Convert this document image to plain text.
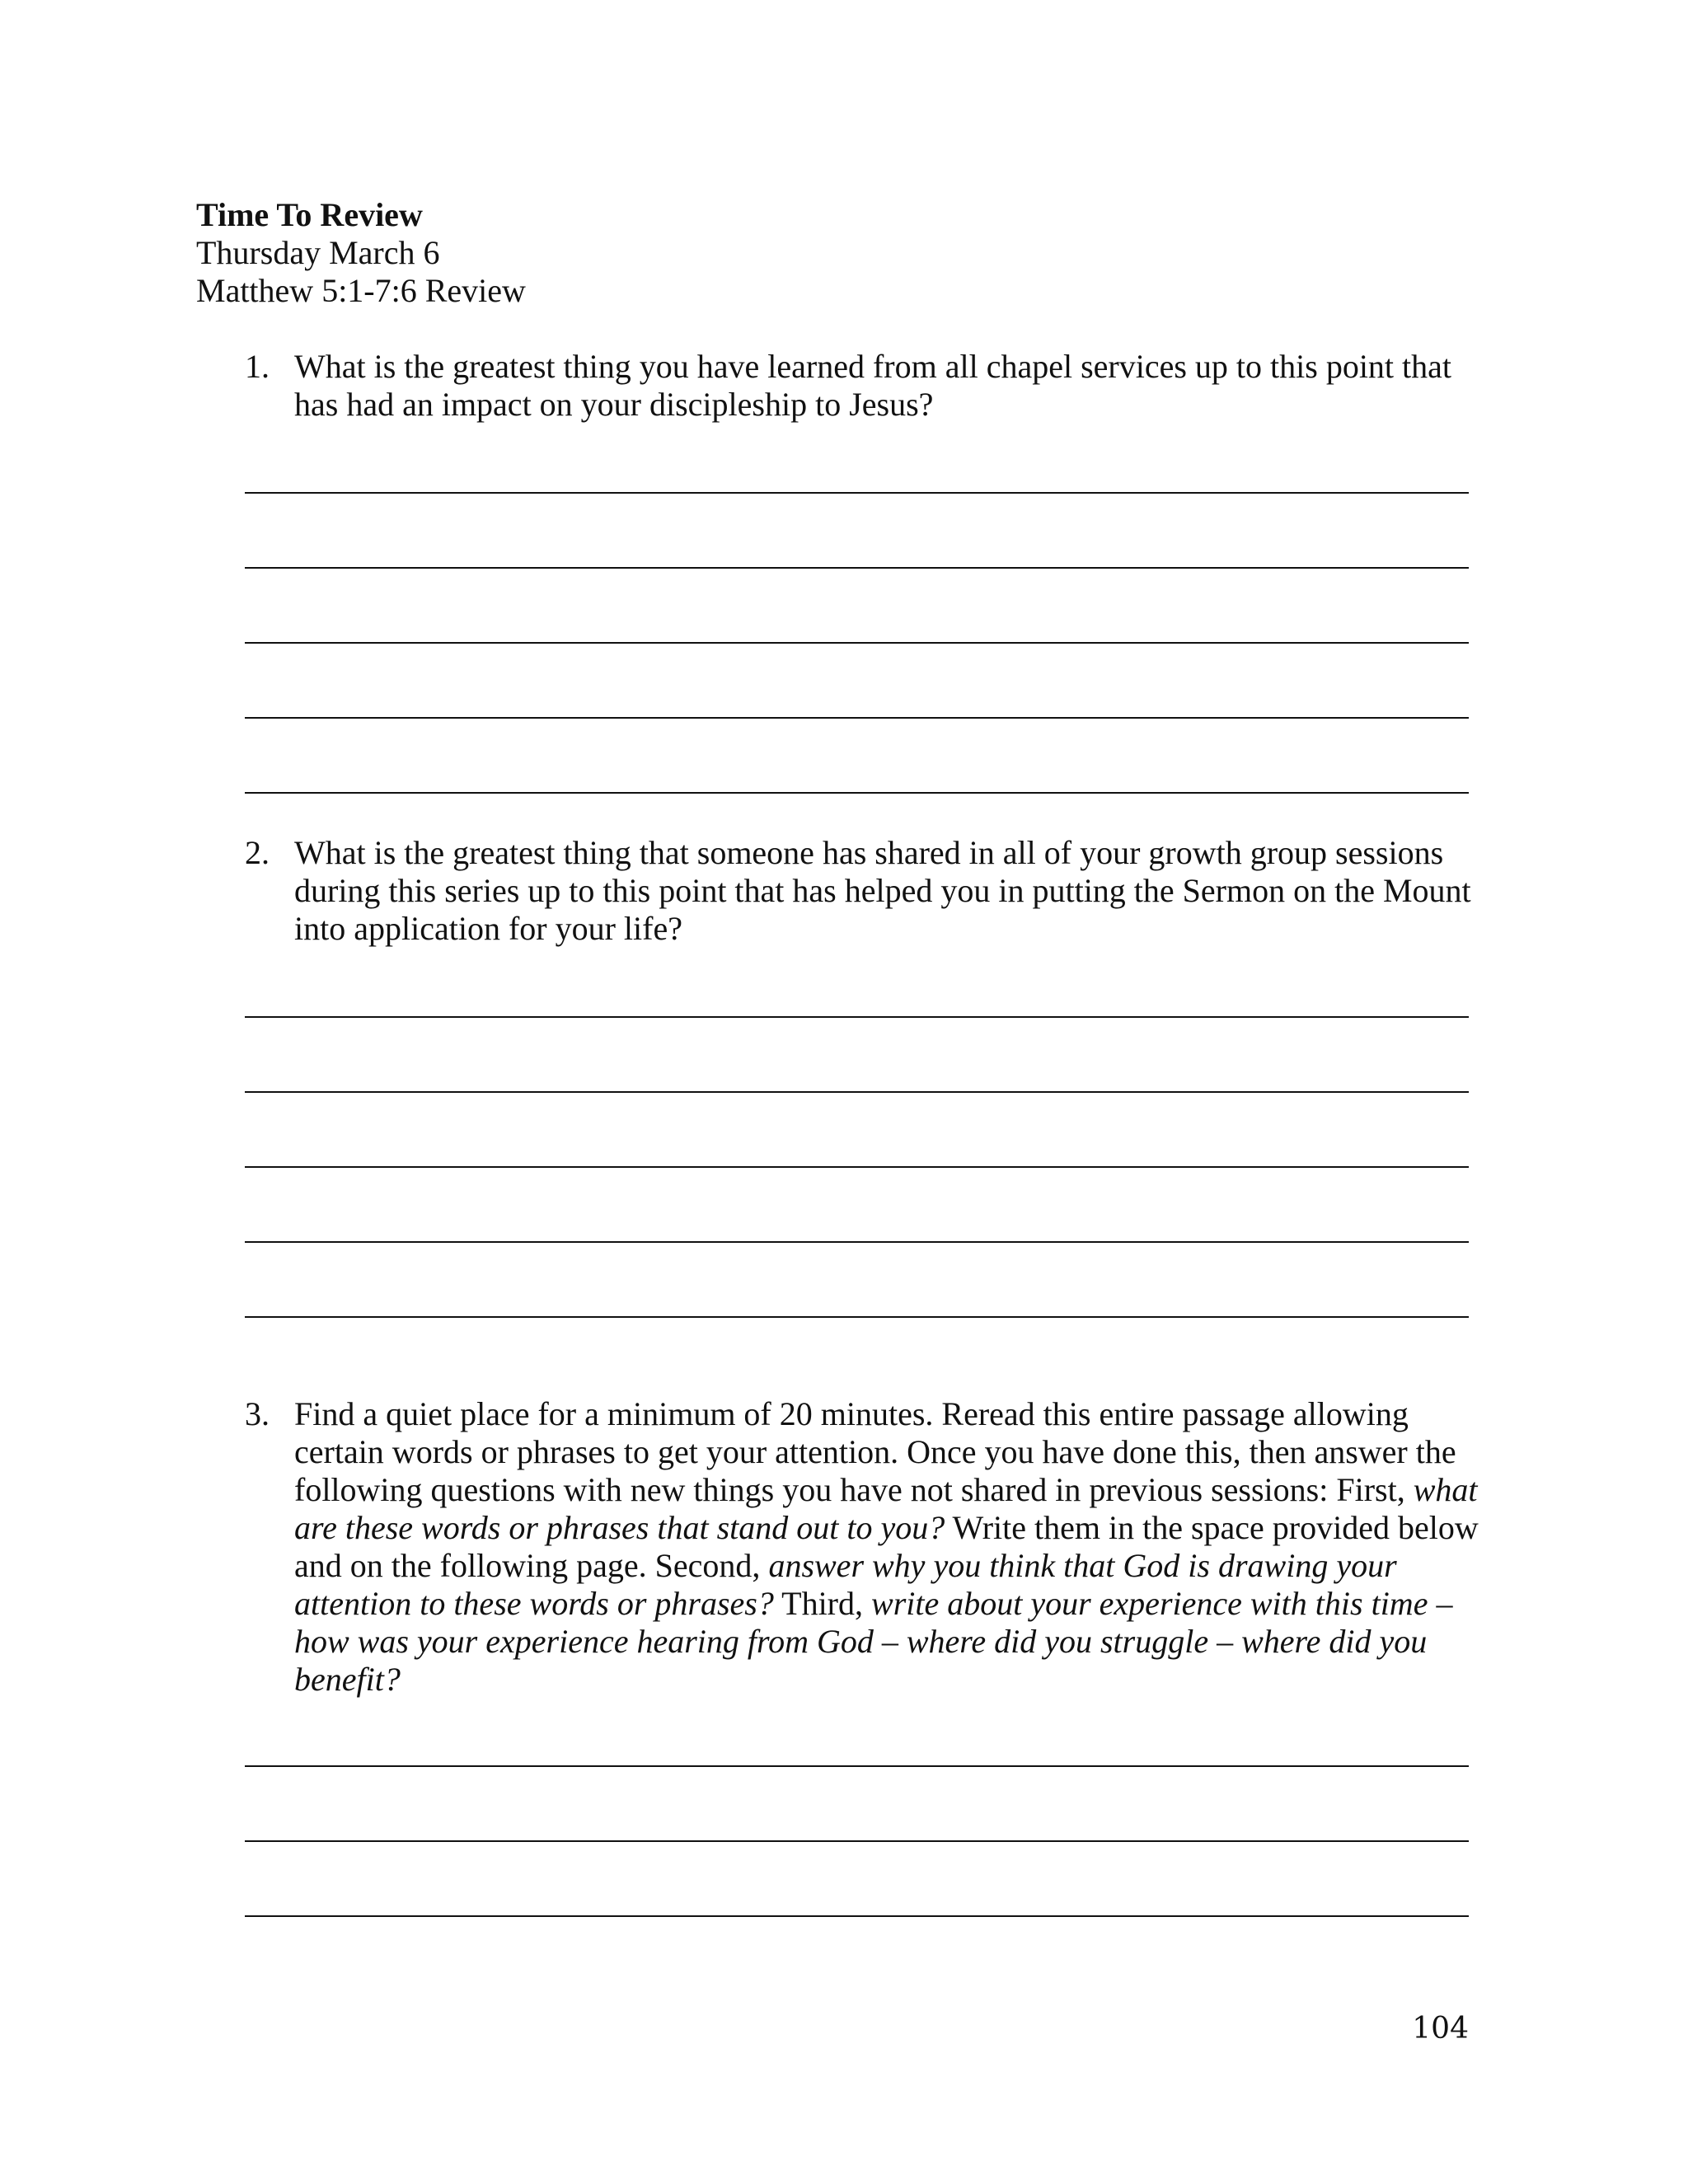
Time To Review
Thursday March 6
Matthew 5:1-7:6 Review
1. What is the greatest thing you have learned from all chapel services up to this point that has had an impact on your discipleship to Jesus?
2. What is the greatest thing that someone has shared in all of your growth group sessions during this series up to this point that has helped you in putting the Sermon on the Mount into application for your life?
3. Find a quiet place for a minimum of 20 minutes. Reread this entire passage allowing certain words or phrases to get your attention. Once you have done this, then answer the following questions with new things you have not shared in previous sessions: First, what are these words or phrases that stand out to you? Write them in the space provided below and on the following page. Second, answer why you think that God is drawing your attention to these words or phrases? Third, write about your experience with this time – how was your experience hearing from God – where did you struggle – where did you benefit?
104
